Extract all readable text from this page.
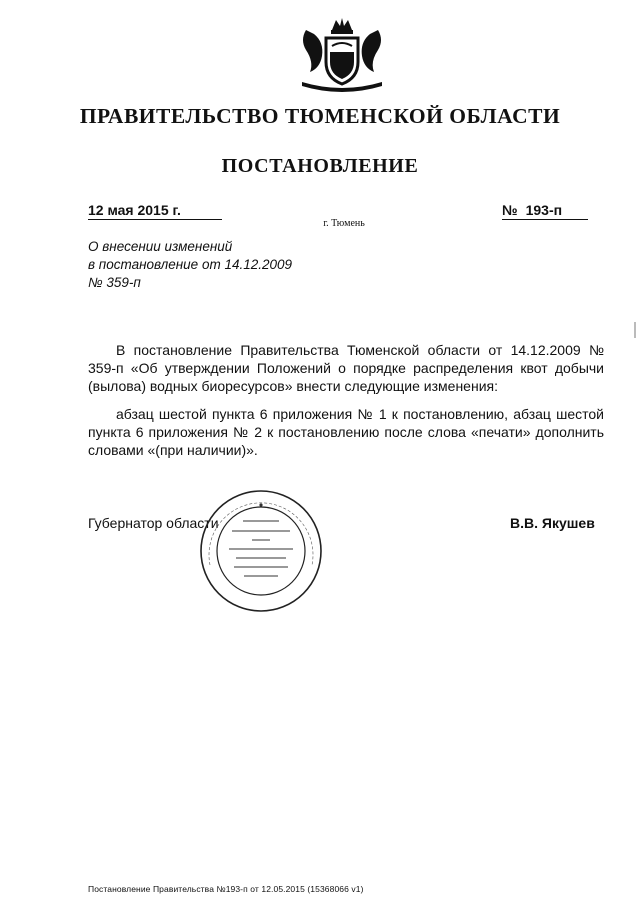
ПРАВИТЕЛЬСТВО ТЮМЕНСКОЙ ОБЛАСТИ
ПОСТАНОВЛЕНИЕ
12 мая 2015 г.	№ 193-п
г. Тюмень
О внесении изменений
в постановление от 14.12.2009
№ 359-п

В постановление Правительства Тюменской области от 14.12.2009 № 359-п «Об утверждении Положений о порядке распределения квот добычи (вылова) водных биоресурсов» внести следующие изменения:

абзац шестой пункта 6 приложения № 1 к постановлению, абзац шестой пункта 6 приложения № 2 к постановлению после слова «печати» дополнить словами «(при наличии)».

Губернатор области	В.В. Якушев
Постановление Правительства №193-п от 12.05.2015 (15368066 v1)
